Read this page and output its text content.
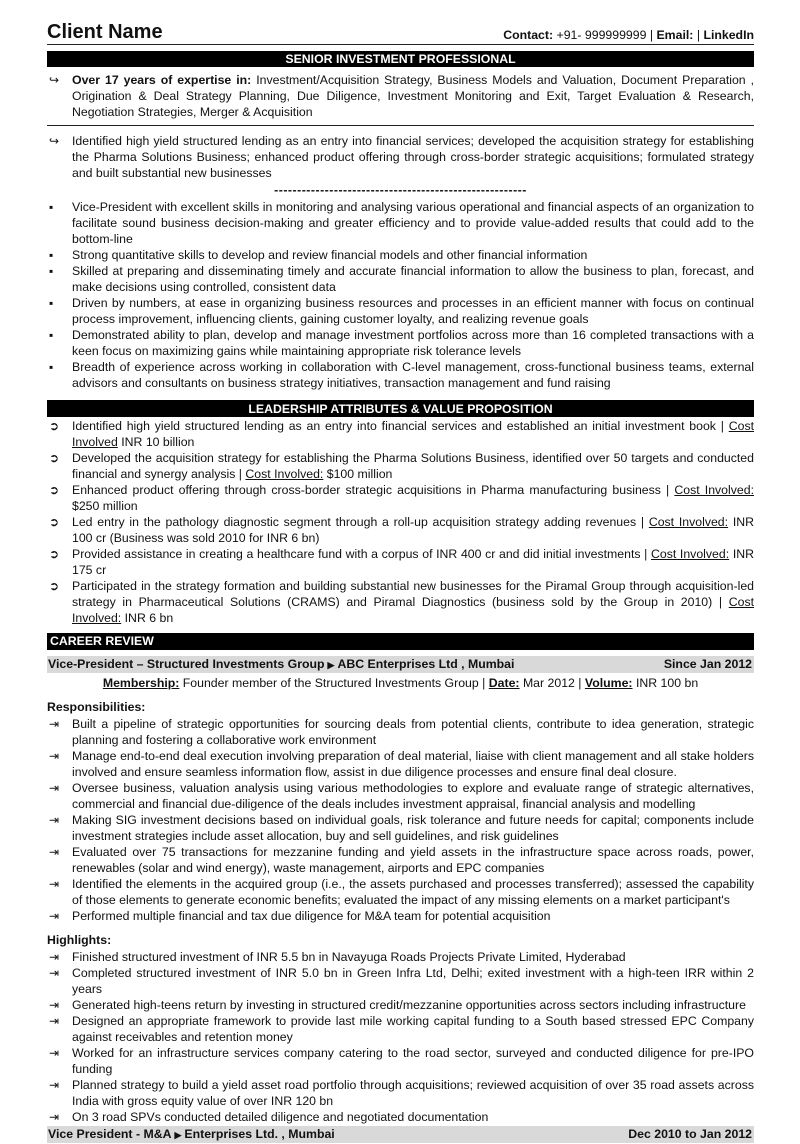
Client Name	Contact: +91- 999999999 | Email: | LinkedIn
SENIOR INVESTMENT PROFESSIONAL
↪	Over 17 years of expertise in: Investment/Acquisition Strategy, Business Models and Valuation, Document Preparation , Origination & Deal Strategy Planning, Due Diligence, Investment Monitoring and Exit, Target Evaluation & Research, Negotiation Strategies, Merger & Acquisition
↪	Identified high yield structured lending as an entry into financial services; developed the acquisition strategy for establishing the Pharma Solutions Business; enhanced product offering through cross-border strategic acquisitions; formulated strategy and built substantial new businesses
-------------------------------------------------------
▪	Vice-President with excellent skills in monitoring and analysing various operational and financial aspects of an organization to facilitate sound business decision-making and greater efficiency and to provide value-added results that could add to the bottom-line
▪	Strong quantitative skills to develop and review financial models and other financial information
▪	Skilled at preparing and disseminating timely and accurate financial information to allow the business to plan, forecast, and make decisions using controlled, consistent data
▪	Driven by numbers, at ease in organizing business resources and processes in an efficient manner with focus on continual process improvement, influencing clients, gaining customer loyalty, and realizing revenue goals
▪	Demonstrated ability to plan, develop and manage investment portfolios across more than 16 completed transactions with a keen focus on maximizing gains while maintaining appropriate risk tolerance levels
▪	Breadth of experience across working in collaboration with C-level management, cross-functional business teams, external advisors and consultants on business strategy initiatives, transaction management and fund raising
LEADERSHIP ATTRIBUTES & VALUE PROPOSITION
➲	Identified high yield structured lending as an entry into financial services and established an initial investment book | Cost Involved INR 10 billion
➲	Developed the acquisition strategy for establishing the Pharma Solutions Business, identified over 50 targets and conducted financial and synergy analysis | Cost Involved: $100 million
➲	Enhanced product offering through cross-border strategic acquisitions in Pharma manufacturing business | Cost Involved: $250 million
➲	Led entry in the pathology diagnostic segment through a roll-up acquisition strategy adding revenues | Cost Involved: INR 100 cr (Business was sold 2010 for INR 6 bn)
➲	Provided assistance in creating a healthcare fund with a corpus of INR 400 cr and did initial investments | Cost Involved: INR 175 cr
➲	Participated in the strategy formation and building substantial new businesses for the Piramal Group through acquisition-led strategy in Pharmaceutical Solutions (CRAMS) and Piramal Diagnostics (business sold by the Group in 2010) | Cost Involved: INR 6 bn
CAREER REVIEW
Vice-President – Structured Investments Group ▶ ABC Enterprises Ltd , Mumbai	Since Jan 2012
Membership: Founder member of the Structured Investments Group | Date: Mar 2012 | Volume: INR 100 bn
Responsibilities:
⇥	Built a pipeline of strategic opportunities for sourcing deals from potential clients, contribute to idea generation, strategic planning and fostering a collaborative work environment
⇥	Manage end-to-end deal execution involving preparation of deal material, liaise with client management and all stake holders involved and ensure seamless information flow, assist in due diligence processes and ensure final deal closure.
⇥	Oversee business, valuation analysis using various methodologies to explore and evaluate range of strategic alternatives, commercial and financial due-diligence of the deals includes investment appraisal, financial analysis and modelling
⇥	Making SIG investment decisions based on individual goals, risk tolerance and future needs for capital; components include investment strategies include asset allocation, buy and sell guidelines, and risk guidelines
⇥	Evaluated over 75 transactions for mezzanine funding and yield assets in the infrastructure space across roads, power, renewables (solar and wind energy), waste management, airports and EPC companies
⇥	Identified the elements in the acquired group (i.e., the assets purchased and processes transferred); assessed the capability of those elements to generate economic benefits; evaluated the impact of any missing elements on a market participant's
⇥	Performed multiple financial and tax due diligence for M&A team for potential acquisition
Highlights:
⇥	Finished structured investment of INR 5.5 bn in Navayuga Roads Projects Private Limited, Hyderabad
⇥	Completed structured investment of INR 5.0 bn in Green Infra Ltd, Delhi; exited investment with a high-teen IRR within 2 years
⇥	Generated high-teens return by investing in structured credit/mezzanine opportunities across sectors including infrastructure
⇥	Designed an appropriate framework to provide last mile working capital funding to a South based stressed EPC Company against receivables and retention money
⇥	Worked for an infrastructure services company catering to the road sector, surveyed and conducted diligence for pre-IPO funding
⇥	Planned strategy to build a yield asset road portfolio through acquisitions; reviewed acquisition of over 35 road assets across India with gross equity value of over INR 120 bn
⇥	On 3 road SPVs conducted detailed diligence and negotiated documentation
Vice President - M&A ▶ Enterprises Ltd. , Mumbai	Dec 2010 to Jan 2012
